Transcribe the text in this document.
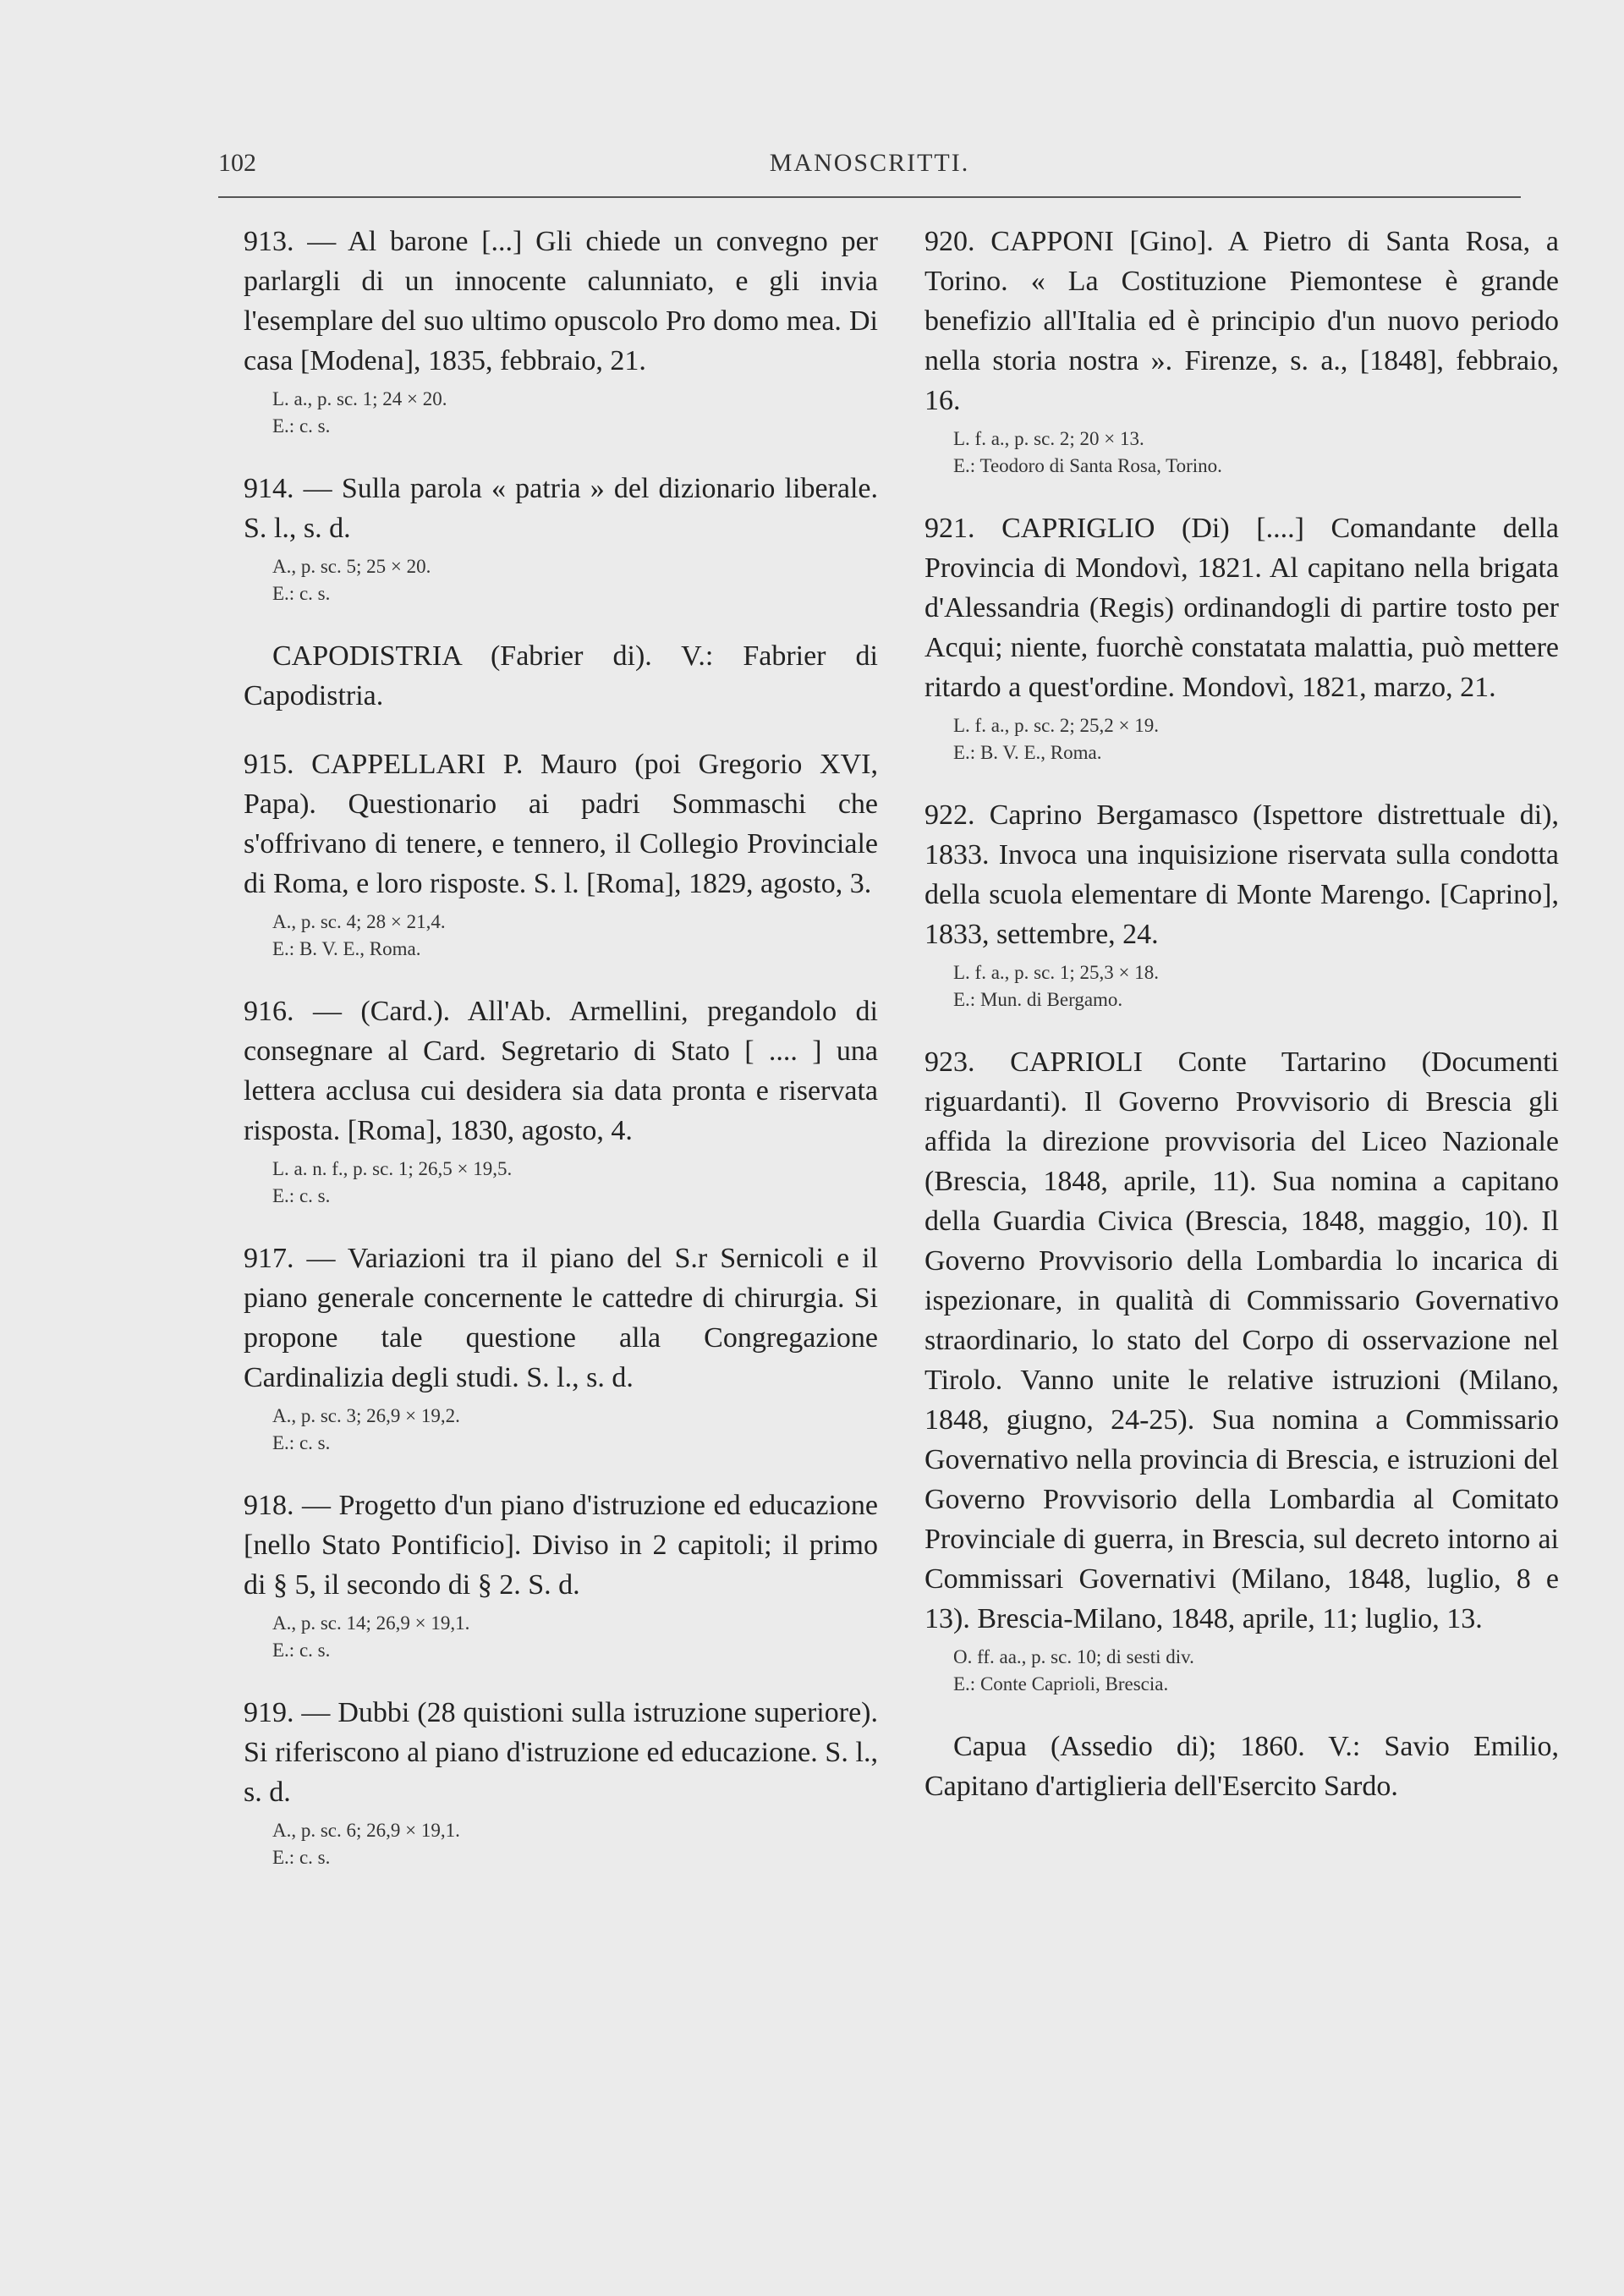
102	MANOSCRITTI.
913. — Al barone [...] Gli chiede un convegno per parlargli di un innocente calunniato, e gli invia l'esemplare del suo ultimo opuscolo Pro domo mea. Di casa [Modena], 1835, febbraio, 21.
L. a., p. sc. 1; 24 × 20.
E.: c. s.
914. — Sulla parola « patria » del dizionario liberale. S. l., s. d.
A., p. sc. 5; 25 × 20.
E.: c. s.
CAPODISTRIA (Fabrier di). V.: Fabrier di Capodistria.
915. CAPPELLARI P. Mauro (poi Gregorio XVI, Papa). Questionario ai padri Sommaschi che s'offrivano di tenere, e tennero, il Collegio Provinciale di Roma, e loro risposte. S. l. [Roma], 1829, agosto, 3.
A., p. sc. 4; 28 × 21,4.
E.: B. V. E., Roma.
916. — (Card.). All'Ab. Armellini, pregandolo di consegnare al Card. Segretario di Stato [ .... ] una lettera acclusa cui desidera sia data pronta e riservata risposta. [Roma], 1830, agosto, 4.
L. a. n. f., p. sc. 1; 26,5 × 19,5.
E.: c. s.
917. — Variazioni tra il piano del S.r Sernicoli e il piano generale concernente le cattedre di chirurgia. Si propone tale questione alla Congregazione Cardinalizia degli studi. S. l., s. d.
A., p. sc. 3; 26,9 × 19,2.
E.: c. s.
918. — Progetto d'un piano d'istruzione ed educazione [nello Stato Pontificio]. Diviso in 2 capitoli; il primo di § 5, il secondo di § 2. S. d.
A., p. sc. 14; 26,9 × 19,1.
E.: c. s.
919. — Dubbi (28 quistioni sulla istruzione superiore). Si riferiscono al piano d'istruzione ed educazione. S. l., s. d.
A., p. sc. 6; 26,9 × 19,1.
E.: c. s.
920. CAPPONI [Gino]. A Pietro di Santa Rosa, a Torino. « La Costituzione Piemontese è grande benefizio all'Italia ed è principio d'un nuovo periodo nella storia nostra ». Firenze, s. a., [1848], febbraio, 16.
L. f. a., p. sc. 2; 20 × 13.
E.: Teodoro di Santa Rosa, Torino.
921. CAPRIGLIO (Di) [....] Comandante della Provincia di Mondovì, 1821. Al capitano nella brigata d'Alessandria (Regis) ordinandogli di partire tosto per Acqui; niente, fuorchè constatata malattia, può mettere ritardo a quest'ordine. Mondovì, 1821, marzo, 21.
L. f. a., p. sc. 2; 25,2 × 19.
E.: B. V. E., Roma.
922. Caprino Bergamasco (Ispettore distrettuale di), 1833. Invoca una inquisizione riservata sulla condotta della scuola elementare di Monte Marengo. [Caprino], 1833, settembre, 24.
L. f. a., p. sc. 1; 25,3 × 18.
E.: Mun. di Bergamo.
923. CAPRIOLI Conte Tartarino (Documenti riguardanti). Il Governo Provvisorio di Brescia gli affida la direzione provvisoria del Liceo Nazionale (Brescia, 1848, aprile, 11). Sua nomina a capitano della Guardia Civica (Brescia, 1848, maggio, 10). Il Governo Provvisorio della Lombardia lo incarica di ispezionare, in qualità di Commissario Governativo straordinario, lo stato del Corpo di osservazione nel Tirolo. Vanno unite le relative istruzioni (Milano, 1848, giugno, 24-25). Sua nomina a Commissario Governativo nella provincia di Brescia, e istruzioni del Governo Provvisorio della Lombardia al Comitato Provinciale di guerra, in Brescia, sul decreto intorno ai Commissari Governativi (Milano, 1848, luglio, 8 e 13). Brescia-Milano, 1848, aprile, 11; luglio, 13.
O. ff. aa., p. sc. 10; di sesti div.
E.: Conte Caprioli, Brescia.
Capua (Assedio di); 1860. V.: Savio Emilio, Capitano d'artiglieria dell'Esercito Sardo.
